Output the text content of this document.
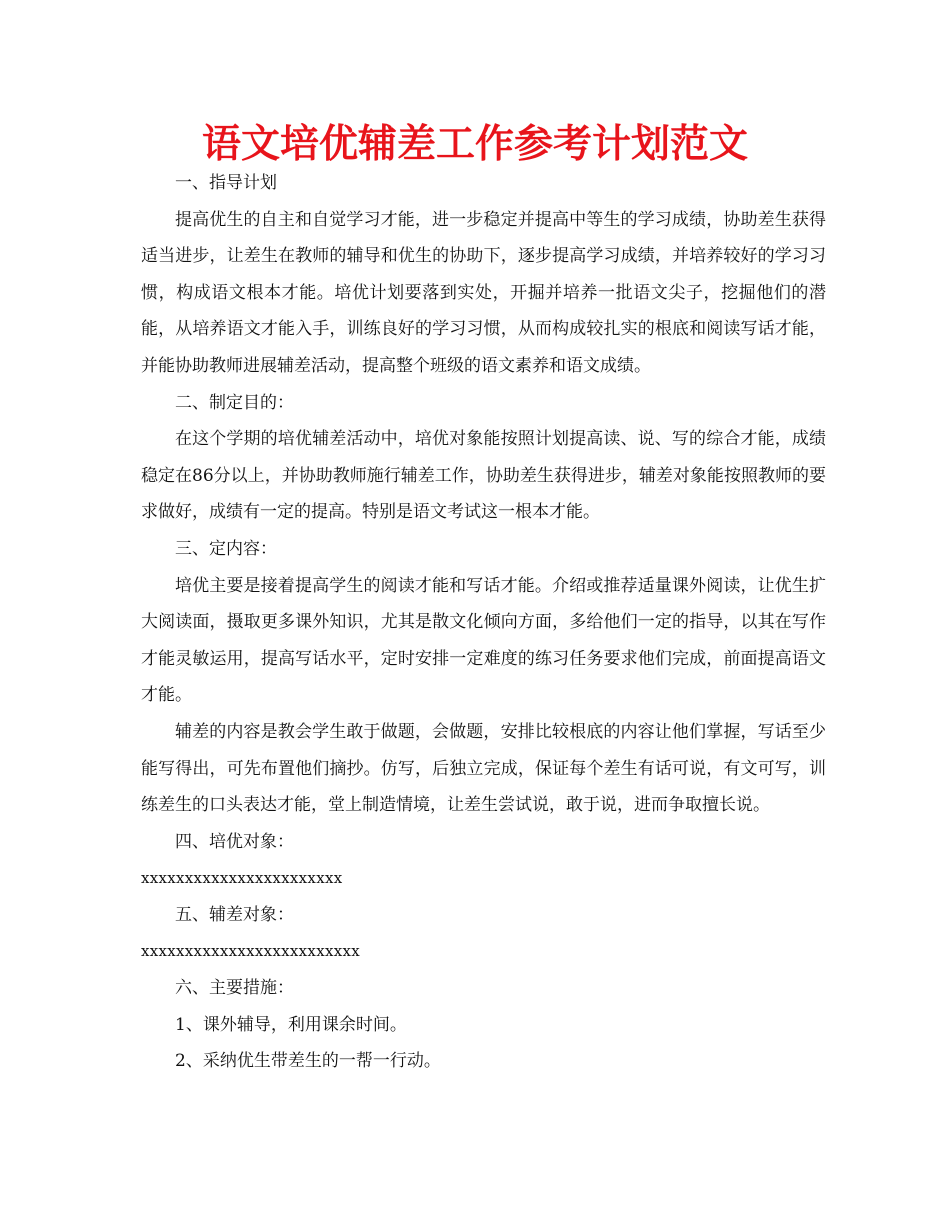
语文培优辅差工作参考计划范文

一、指导计划

提高优生的自主和自觉学习才能，进一步稳定并提高中等生的学习成绩，协助差生获得适当进步，让差生在教师的辅导和优生的协助下，逐步提高学习成绩，并培养较好的学习习惯，构成语文根本才能。培优计划要落到实处，开掘并培养一批语文尖子，挖掘他们的潜能，从培养语文才能入手，训练良好的学习习惯，从而构成较扎实的根底和阅读写话才能，并能协助教师进展辅差活动，提高整个班级的语文素养和语文成绩。

二、制定目的：

在这个学期的培优辅差活动中，培优对象能按照计划提高读、说、写的综合才能，成绩稳定在86分以上，并协助教师施行辅差工作，协助差生获得进步，辅差对象能按照教师的要求做好，成绩有一定的提高。特别是语文考试这一根本才能。

三、定内容：

培优主要是接着提高学生的阅读才能和写话才能。介绍或推荐适量课外阅读，让优生扩大阅读面，摄取更多课外知识，尤其是散文化倾向方面，多给他们一定的指导，以其在写作才能灵敏运用，提高写话水平，定时安排一定难度的练习任务要求他们完成，前面提高语文才能。

辅差的内容是教会学生敢于做题，会做题，安排比较根底的内容让他们掌握，写话至少能写得出，可先布置他们摘抄。仿写，后独立完成，保证每个差生有话可说，有文可写，训练差生的口头表达才能，堂上制造情境，让差生尝试说，敢于说，进而争取擅长说。

四、培优对象：

xxxxxxxxxxxxxxxxxxxxxxx

五、辅差对象：

xxxxxxxxxxxxxxxxxxxxxxxxx

六、主要措施：

1、课外辅导，利用课余时间。

2、采纳优生带差生的一帮一行动。
